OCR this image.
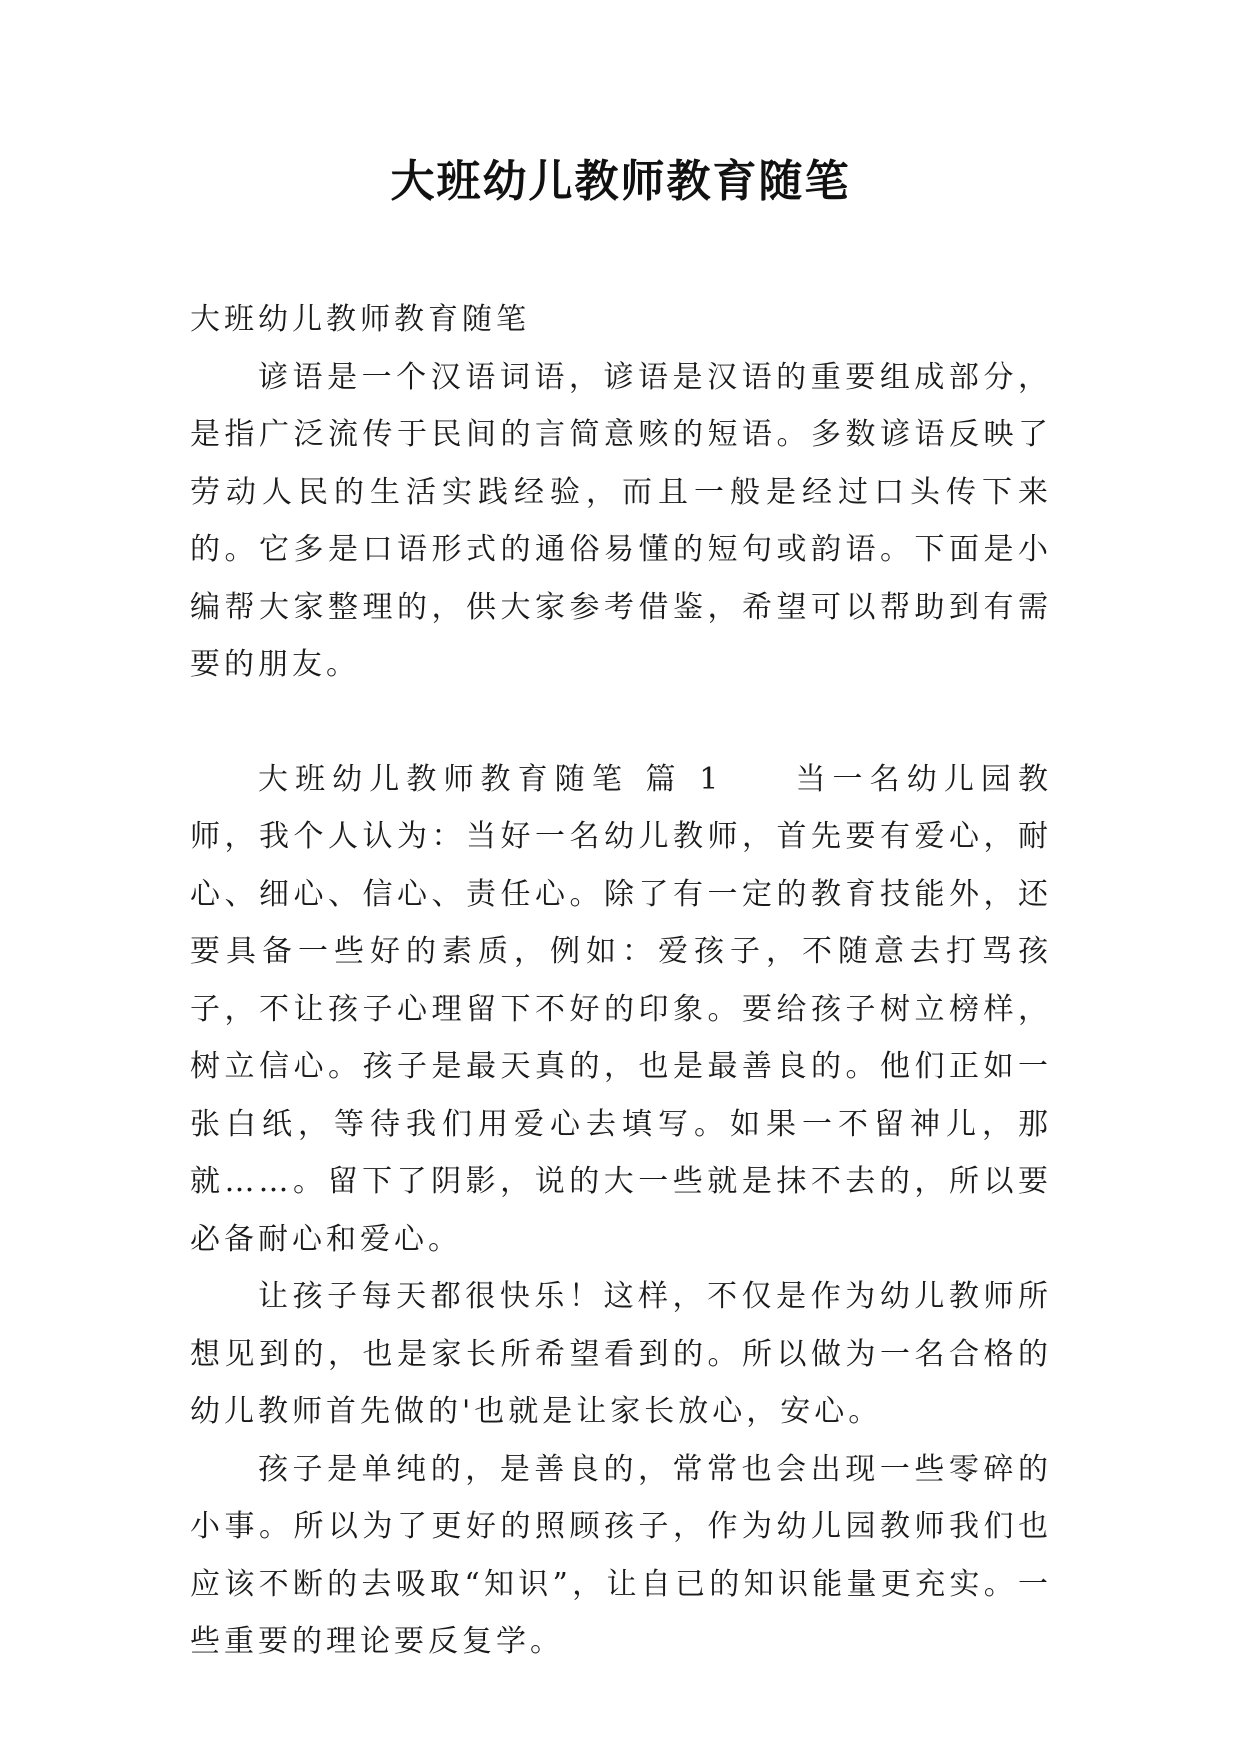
大班幼儿教师教育随笔

大班幼儿教师教育随笔

谚语是一个汉语词语，谚语是汉语的重要组成部分，是指广泛流传于民间的言简意赅的短语。多数谚语反映了劳动人民的生活实践经验，而且一般是经过口头传下来的。它多是口语形式的通俗易懂的短句或韵语。下面是小编帮大家整理的，供大家参考借鉴，希望可以帮助到有需要的朋友。

大班幼儿教师教育随笔 篇 1 当一名幼儿园教师，我个人认为：当好一名幼儿教师，首先要有爱心，耐心、细心、信心、责任心。除了有一定的教育技能外，还要具备一些好的素质，例如：爱孩子，不随意去打骂孩子，不让孩子心理留下不好的印象。要给孩子树立榜样，树立信心。孩子是最天真的，也是最善良的。他们正如一张白纸，等待我们用爱心去填写。如果一不留神儿，那就……。留下了阴影，说的大一些就是抹不去的，所以要必备耐心和爱心。

让孩子每天都很快乐！这样，不仅是作为幼儿教师所想见到的，也是家长所希望看到的。所以做为一名合格的幼儿教师首先做的'也就是让家长放心，安心。

孩子是单纯的，是善良的，常常也会出现一些零碎的小事。所以为了更好的照顾孩子，作为幼儿园教师我们也应该不断的去吸取“知识”，让自已的知识能量更充实。一些重要的理论要反复学。
